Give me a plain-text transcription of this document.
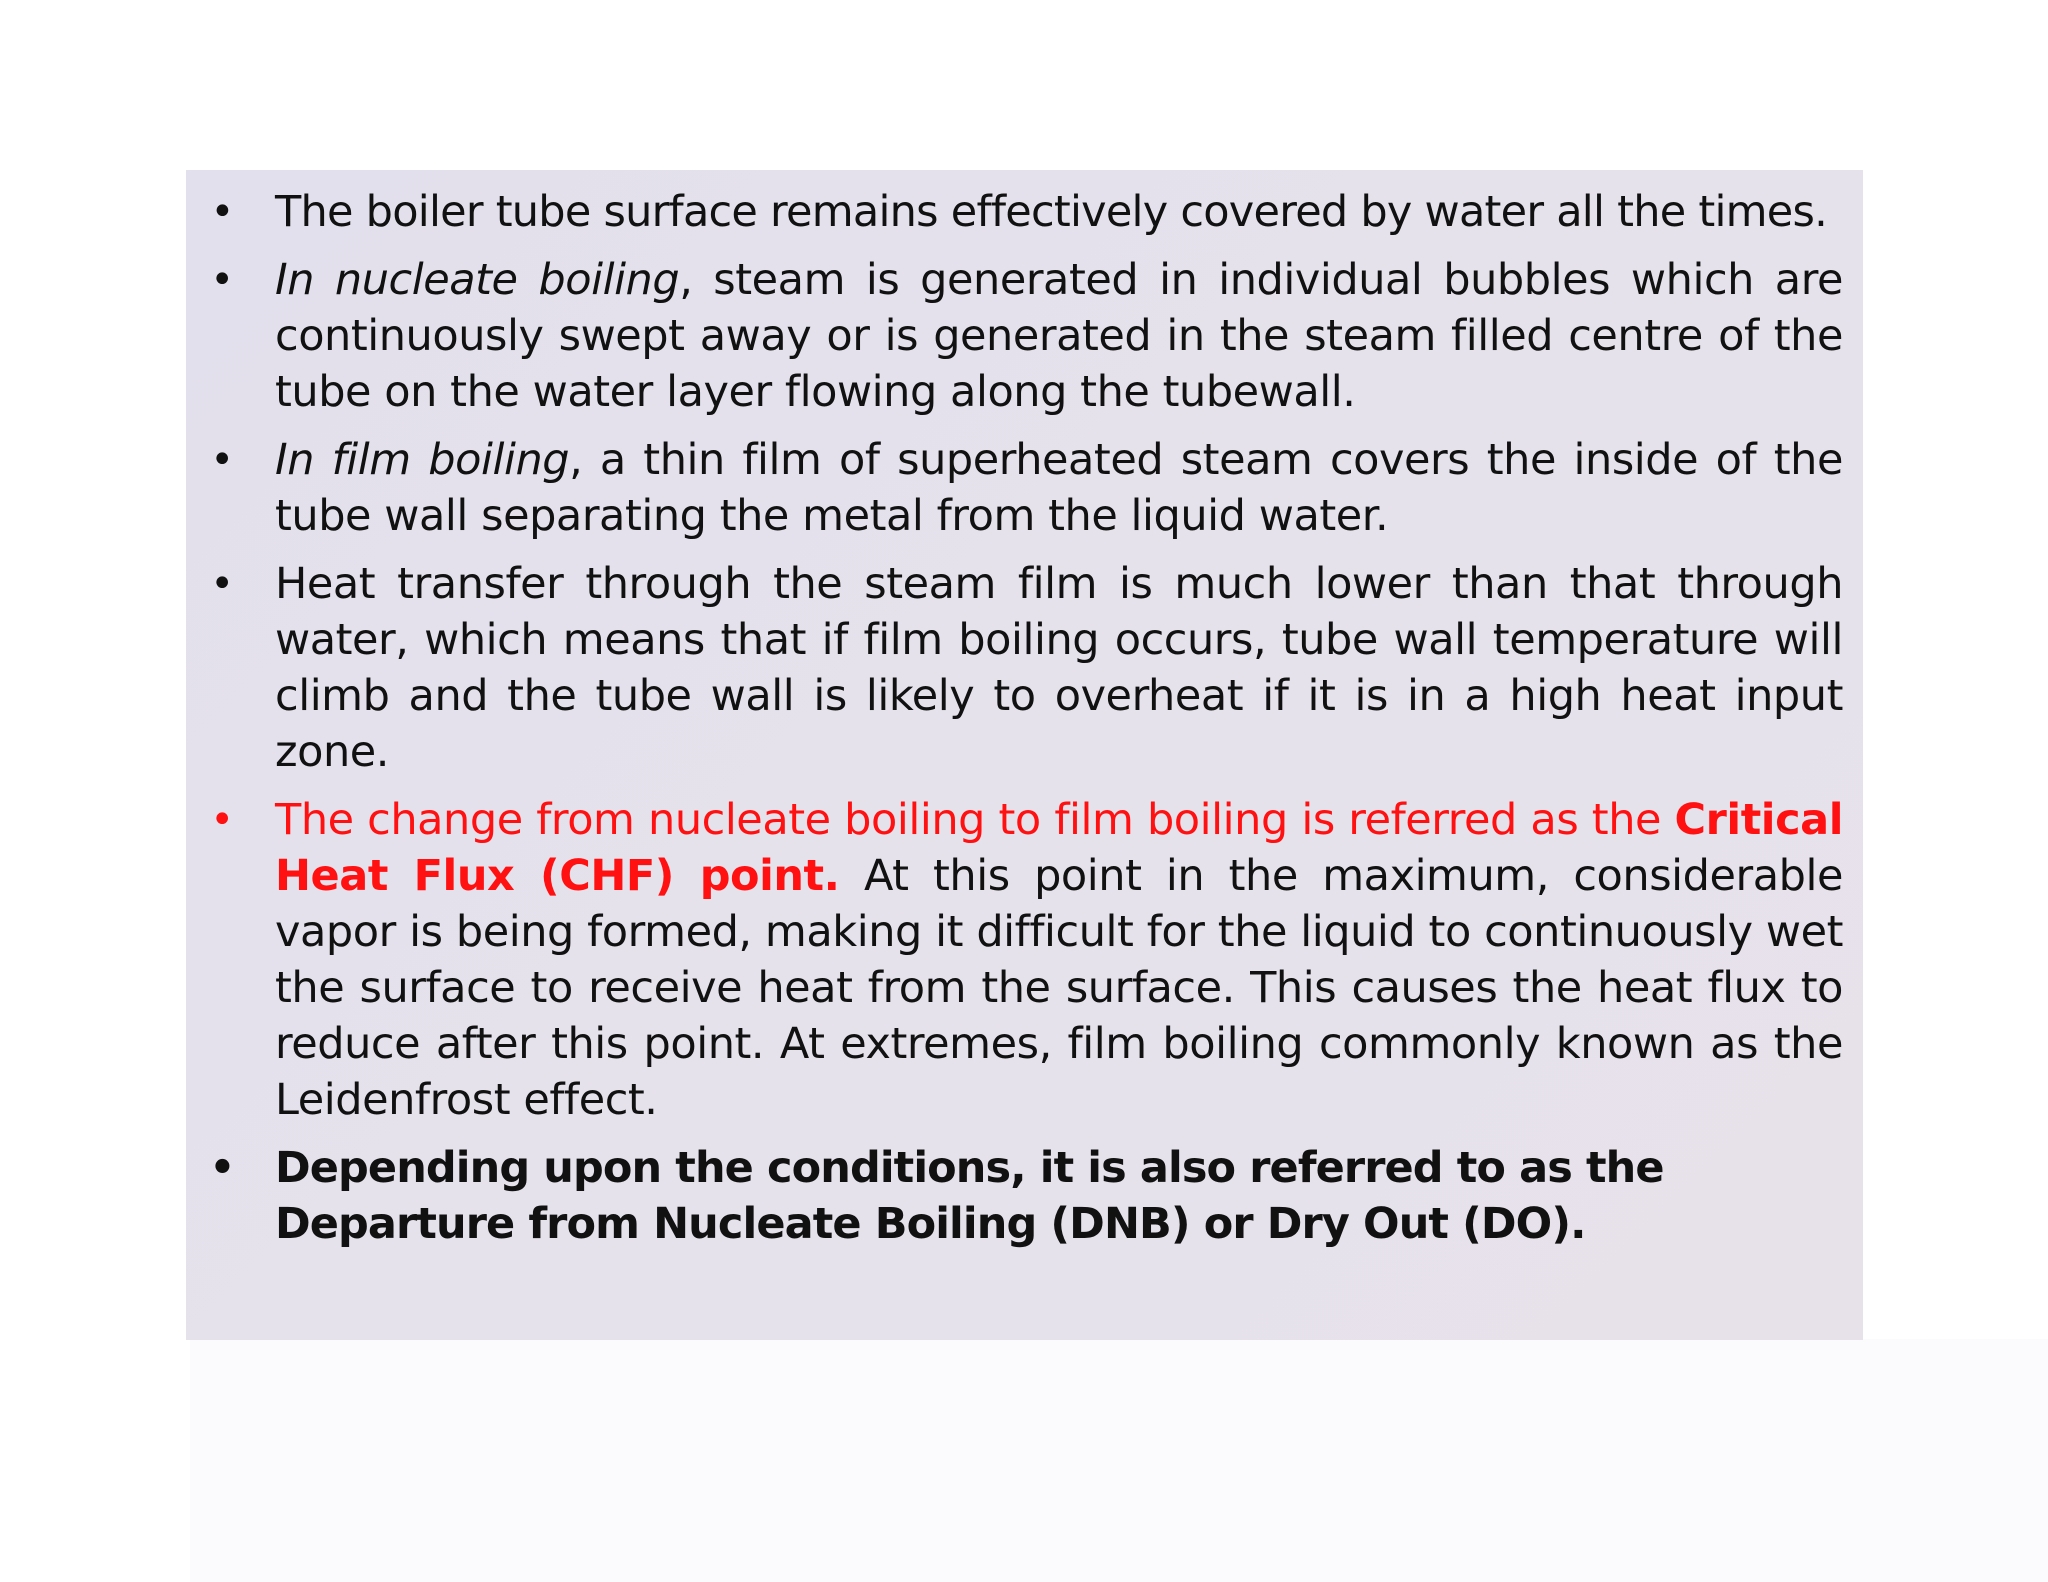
• The boiler tube surface remains effectively covered by water all the times.
• In nucleate boiling, steam is generated in individual bubbles which are continuously swept away or is generated in the steam filled centre of the tube on the water layer flowing along the tubewall.
• In film boiling, a thin film of superheated steam covers the inside of the tube wall separating the metal from the liquid water.
• Heat transfer through the steam film is much lower than that through water, which means that if film boiling occurs, tube wall temperature will climb and the tube wall is likely to overheat if it is in a high heat input zone.
• The change from nucleate boiling to film boiling is referred as the Critical Heat Flux (CHF) point. At this point in the maximum, considerable vapor is being formed, making it difficult for the liquid to continuously wet the surface to receive heat from the surface. This causes the heat flux to reduce after this point. At extremes, film boiling commonly known as the Leidenfrost effect.
• Depending upon the conditions, it is also referred to as the Departure from Nucleate Boiling (DNB) or Dry Out (DO).
